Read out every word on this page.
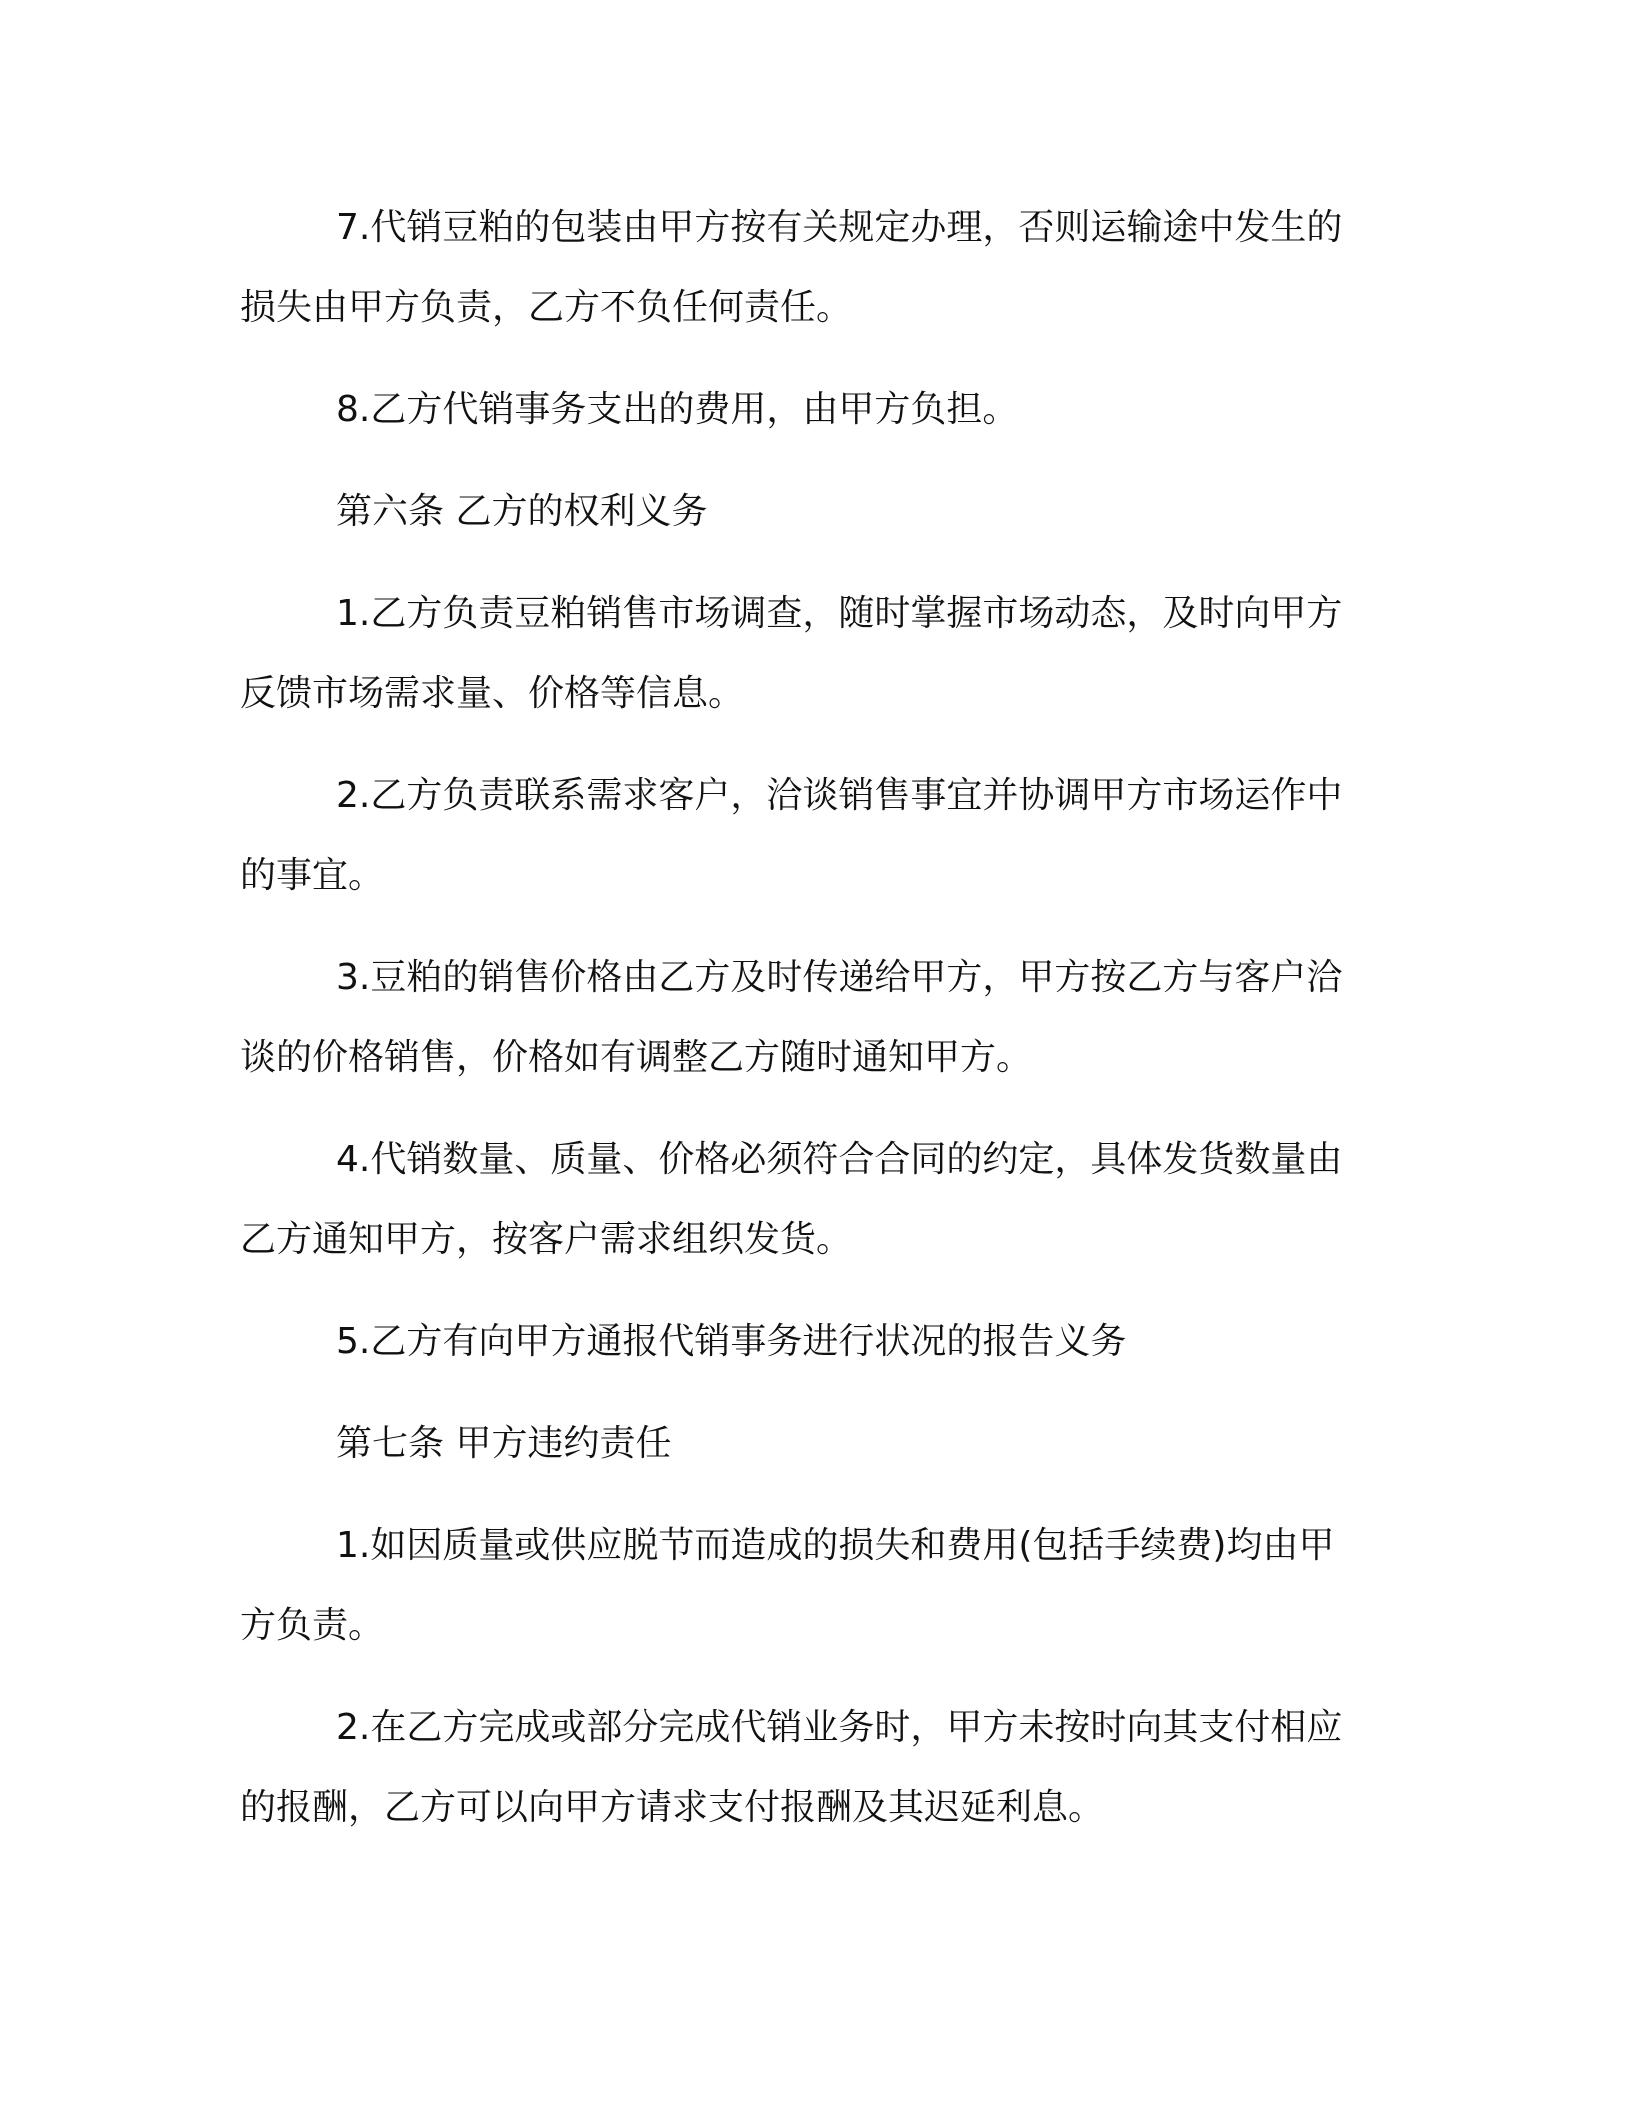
7.代销豆粕的包装由甲方按有关规定办理，否则运输途中发生的损失由甲方负责，乙方不负任何责任。

8.乙方代销事务支出的费用，由甲方负担。

第六条 乙方的权利义务

1.乙方负责豆粕销售市场调查，随时掌握市场动态，及时向甲方反馈市场需求量、价格等信息。

2.乙方负责联系需求客户，洽谈销售事宜并协调甲方市场运作中的事宜。

3.豆粕的销售价格由乙方及时传递给甲方，甲方按乙方与客户洽谈的价格销售，价格如有调整乙方随时通知甲方。

4.代销数量、质量、价格必须符合合同的约定，具体发货数量由乙方通知甲方，按客户需求组织发货。

5.乙方有向甲方通报代销事务进行状况的报告义务

第七条 甲方违约责任

1.如因质量或供应脱节而造成的损失和费用(包括手续费)均由甲方负责。

2.在乙方完成或部分完成代销业务时，甲方未按时向其支付相应的报酬，乙方可以向甲方请求支付报酬及其迟延利息。
